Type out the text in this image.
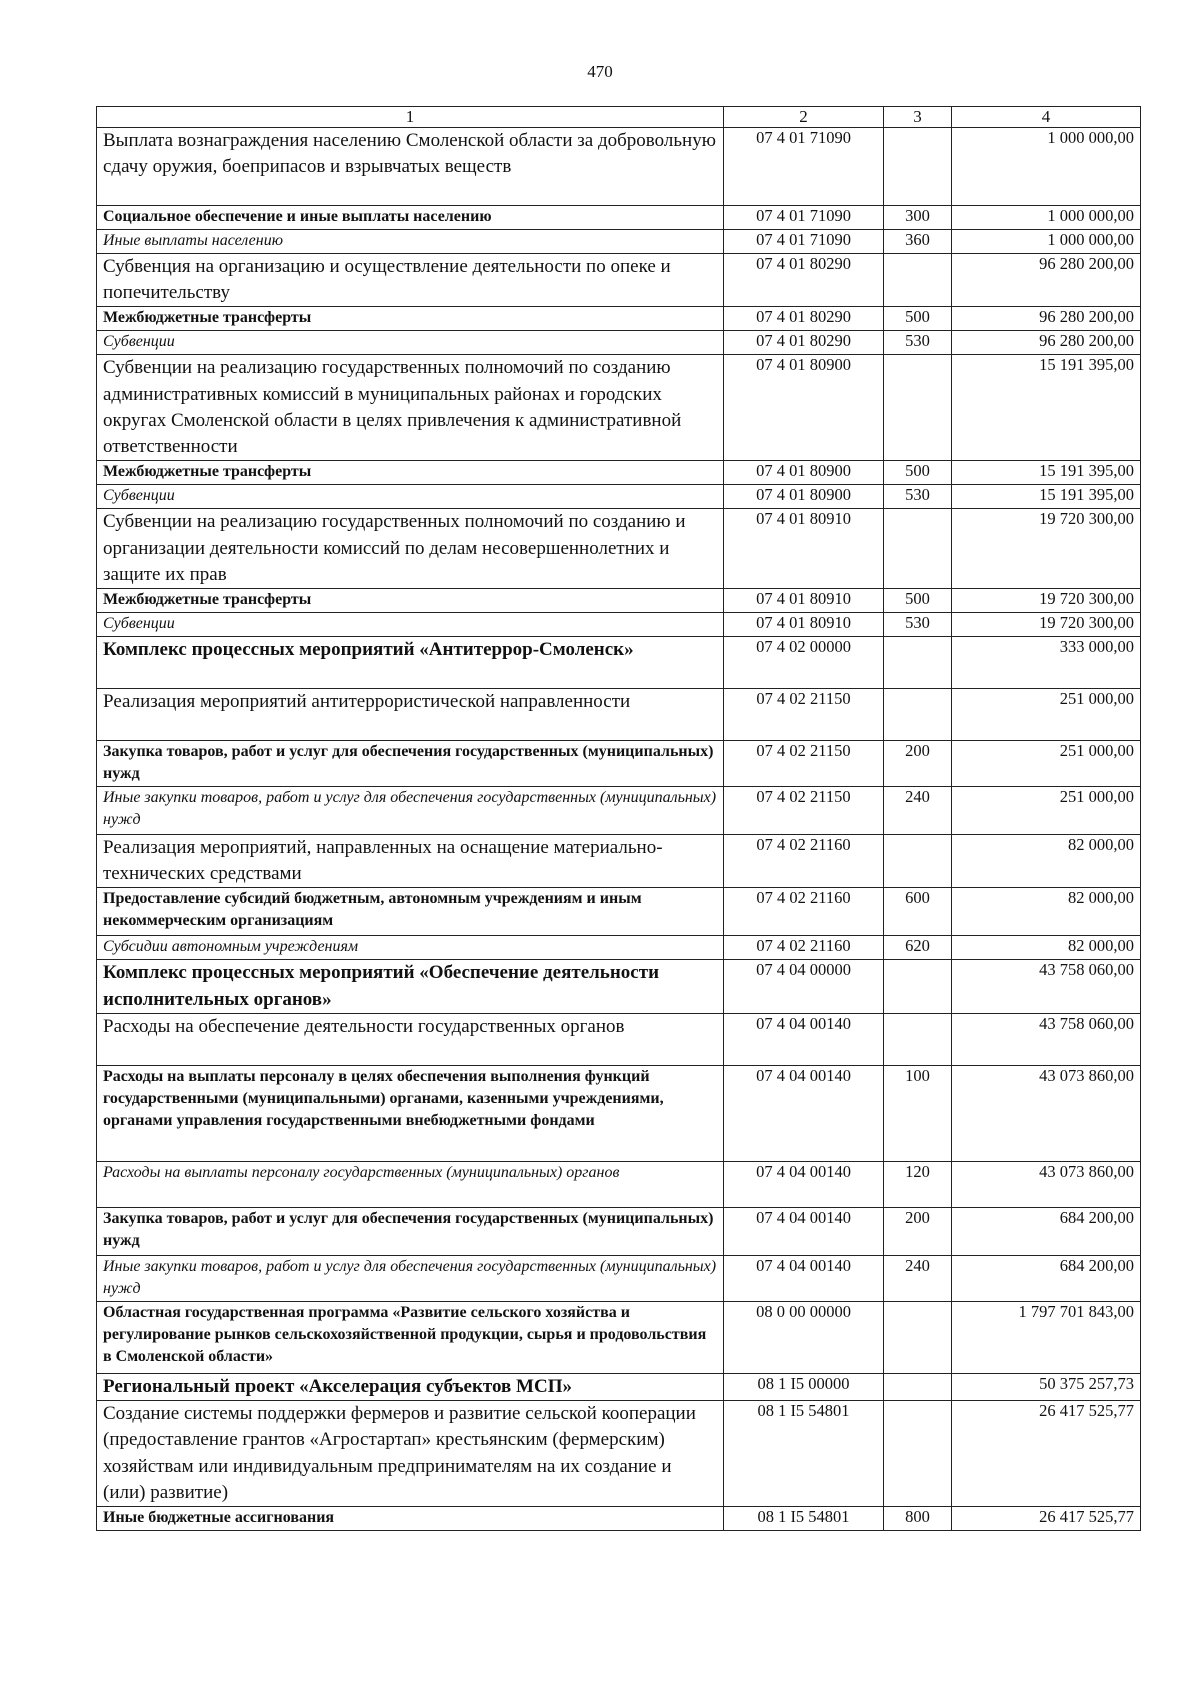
470
1	2	3	4
Выплата вознаграждения населению Смоленской области за добровольную сдачу оружия, боеприпасов и взрывчатых веществ	07 4 01 71090		1 000 000,00
Социальное обеспечение и иные выплаты населению	07 4 01 71090	300	1 000 000,00
Иные выплаты населению	07 4 01 71090	360	1 000 000,00
Субвенция на организацию и осуществление деятельности по опеке и попечительству	07 4 01 80290		96 280 200,00
Межбюджетные трансферты	07 4 01 80290	500	96 280 200,00
Субвенции	07 4 01 80290	530	96 280 200,00
Субвенции на реализацию государственных полномочий по созданию административных комиссий в муниципальных районах и городских округах Смоленской области в целях привлечения к административной ответственности	07 4 01 80900		15 191 395,00
Межбюджетные трансферты	07 4 01 80900	500	15 191 395,00
Субвенции	07 4 01 80900	530	15 191 395,00
Субвенции на реализацию государственных полномочий по созданию и организации деятельности комиссий по делам несовершеннолетних и защите их прав	07 4 01 80910		19 720 300,00
Межбюджетные трансферты	07 4 01 80910	500	19 720 300,00
Субвенции	07 4 01 80910	530	19 720 300,00
Комплекс процессных мероприятий «Антитеррор-Смоленск»	07 4 02 00000		333 000,00
Реализация мероприятий антитеррористической направленности	07 4 02 21150		251 000,00
Закупка товаров, работ и услуг для обеспечения государственных (муниципальных) нужд	07 4 02 21150	200	251 000,00
Иные закупки товаров, работ и услуг для обеспечения государственных (муниципальных) нужд	07 4 02 21150	240	251 000,00
Реализация мероприятий, направленных на оснащение материально-технических средствами	07 4 02 21160		82 000,00
Предоставление субсидий бюджетным, автономным учреждениям и иным некоммерческим организациям	07 4 02 21160	600	82 000,00
Субсидии автономным учреждениям	07 4 02 21160	620	82 000,00
Комплекс процессных мероприятий «Обеспечение деятельности исполнительных органов»	07 4 04 00000		43 758 060,00
Расходы на обеспечение деятельности государственных органов	07 4 04 00140		43 758 060,00
Расходы на выплаты персоналу в целях обеспечения выполнения функций государственными (муниципальными) органами, казенными учреждениями, органами управления государственными внебюджетными фондами	07 4 04 00140	100	43 073 860,00
Расходы на выплаты персоналу государственных (муниципальных) органов	07 4 04 00140	120	43 073 860,00
Закупка товаров, работ и услуг для обеспечения государственных (муниципальных) нужд	07 4 04 00140	200	684 200,00
Иные закупки товаров, работ и услуг для обеспечения государственных (муниципальных) нужд	07 4 04 00140	240	684 200,00
Областная государственная программа «Развитие сельского хозяйства и регулирование рынков сельскохозяйственной продукции, сырья и продовольствия в Смоленской области»	08 0 00 00000		1 797 701 843,00
Региональный проект «Акселерация субъектов МСП»	08 1 I5 00000		50 375 257,73
Создание системы поддержки фермеров и развитие сельской кооперации (предоставление грантов «Агростартап» крестьянским (фермерским) хозяйствам или индивидуальным предпринимателям на их создание и (или) развитие)	08 1 I5 54801		26 417 525,77
Иные бюджетные ассигнования	08 1 I5 54801	800	26 417 525,77
